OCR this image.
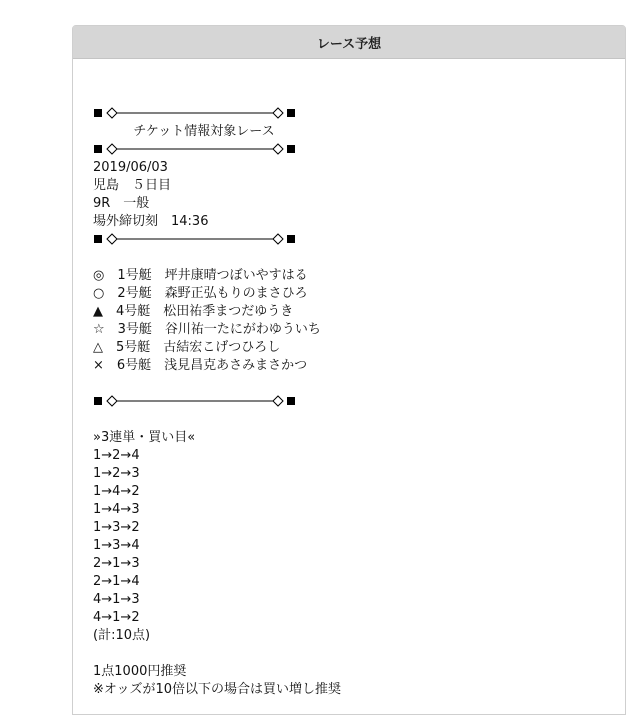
レース予想
チケット情報対象レース
2019/06/03
児島　５日目
9R　一般
場外締切刻　14:36
◎　1号艇　坪井康晴つぼいやすはる
○　2号艇　森野正弘もりのまさひろ
▲　4号艇　松田祐季まつだゆうき
☆　3号艇　谷川祐一たにがわゆういち
△　5号艇　古結宏こげつひろし
×　6号艇　浅見昌克あさみまさかつ
»3連単・買い目«
1→2→4
1→2→3
1→4→2
1→4→3
1→3→2
1→3→4
2→1→3
2→1→4
4→1→3
4→1→2
(計:10点)
1点1000円推奨
※オッズが10倍以下の場合は買い増し推奨
